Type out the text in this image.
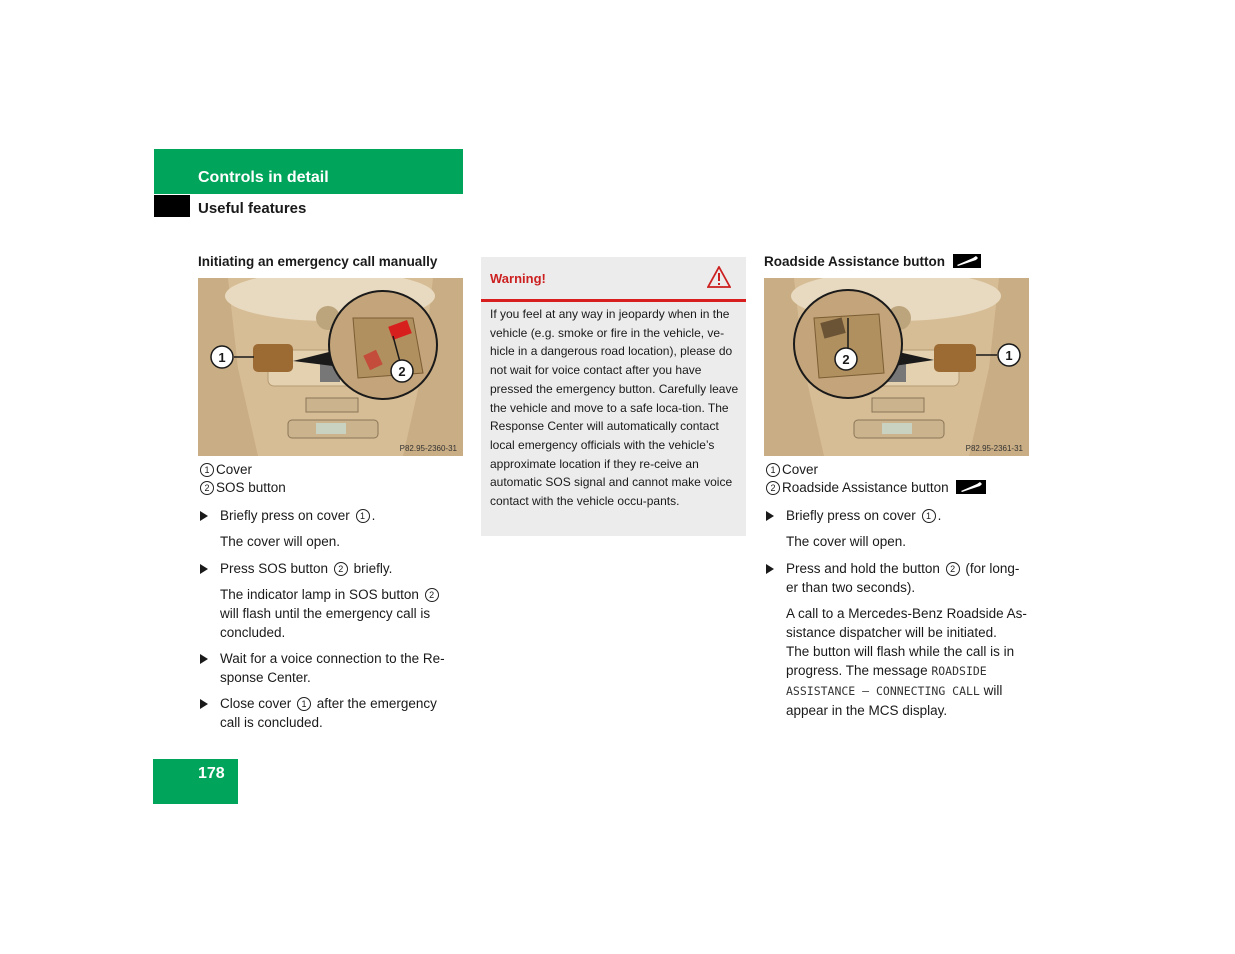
Controls in detail
Useful features
Initiating an emergency call manually
1
2
P82.95-2360-31
1 Cover
2 SOS button
Briefly press on cover 1 .
The cover will open.
Press SOS button 2 briefly.
The indicator lamp in SOS button 2
will flash until the emergency call is
concluded.
Wait for a voice connection to the Re-
sponse Center.
Close cover 1 after the emergency
call is concluded.
Warning!
If you feel at any way in jeopardy when in the vehicle (e.g. smoke or fire in the vehicle, ve-hicle in a dangerous road location), please do not wait for voice contact after you have pressed the emergency button. Carefully leave the vehicle and move to a safe loca-tion. The Response Center will automatically contact local emergency officials with the vehicle’s approximate location if they re-ceive an automatic SOS signal and cannot make voice contact with the vehicle occu-pants.
Roadside Assistance button
2	1
P82.95-2361-31
1 Cover
2 Roadside Assistance button
Briefly press on cover 1 .
The cover will open.
Press and hold the button 2 (for long-
er than two seconds).
A call to a Mercedes-Benz Roadside As-
sistance dispatcher will be initiated.
The button will flash while the call is in
progress. The message ROADSIDE
ASSISTANCE – CONNECTING CALL will
appear in the MCS display.
178
